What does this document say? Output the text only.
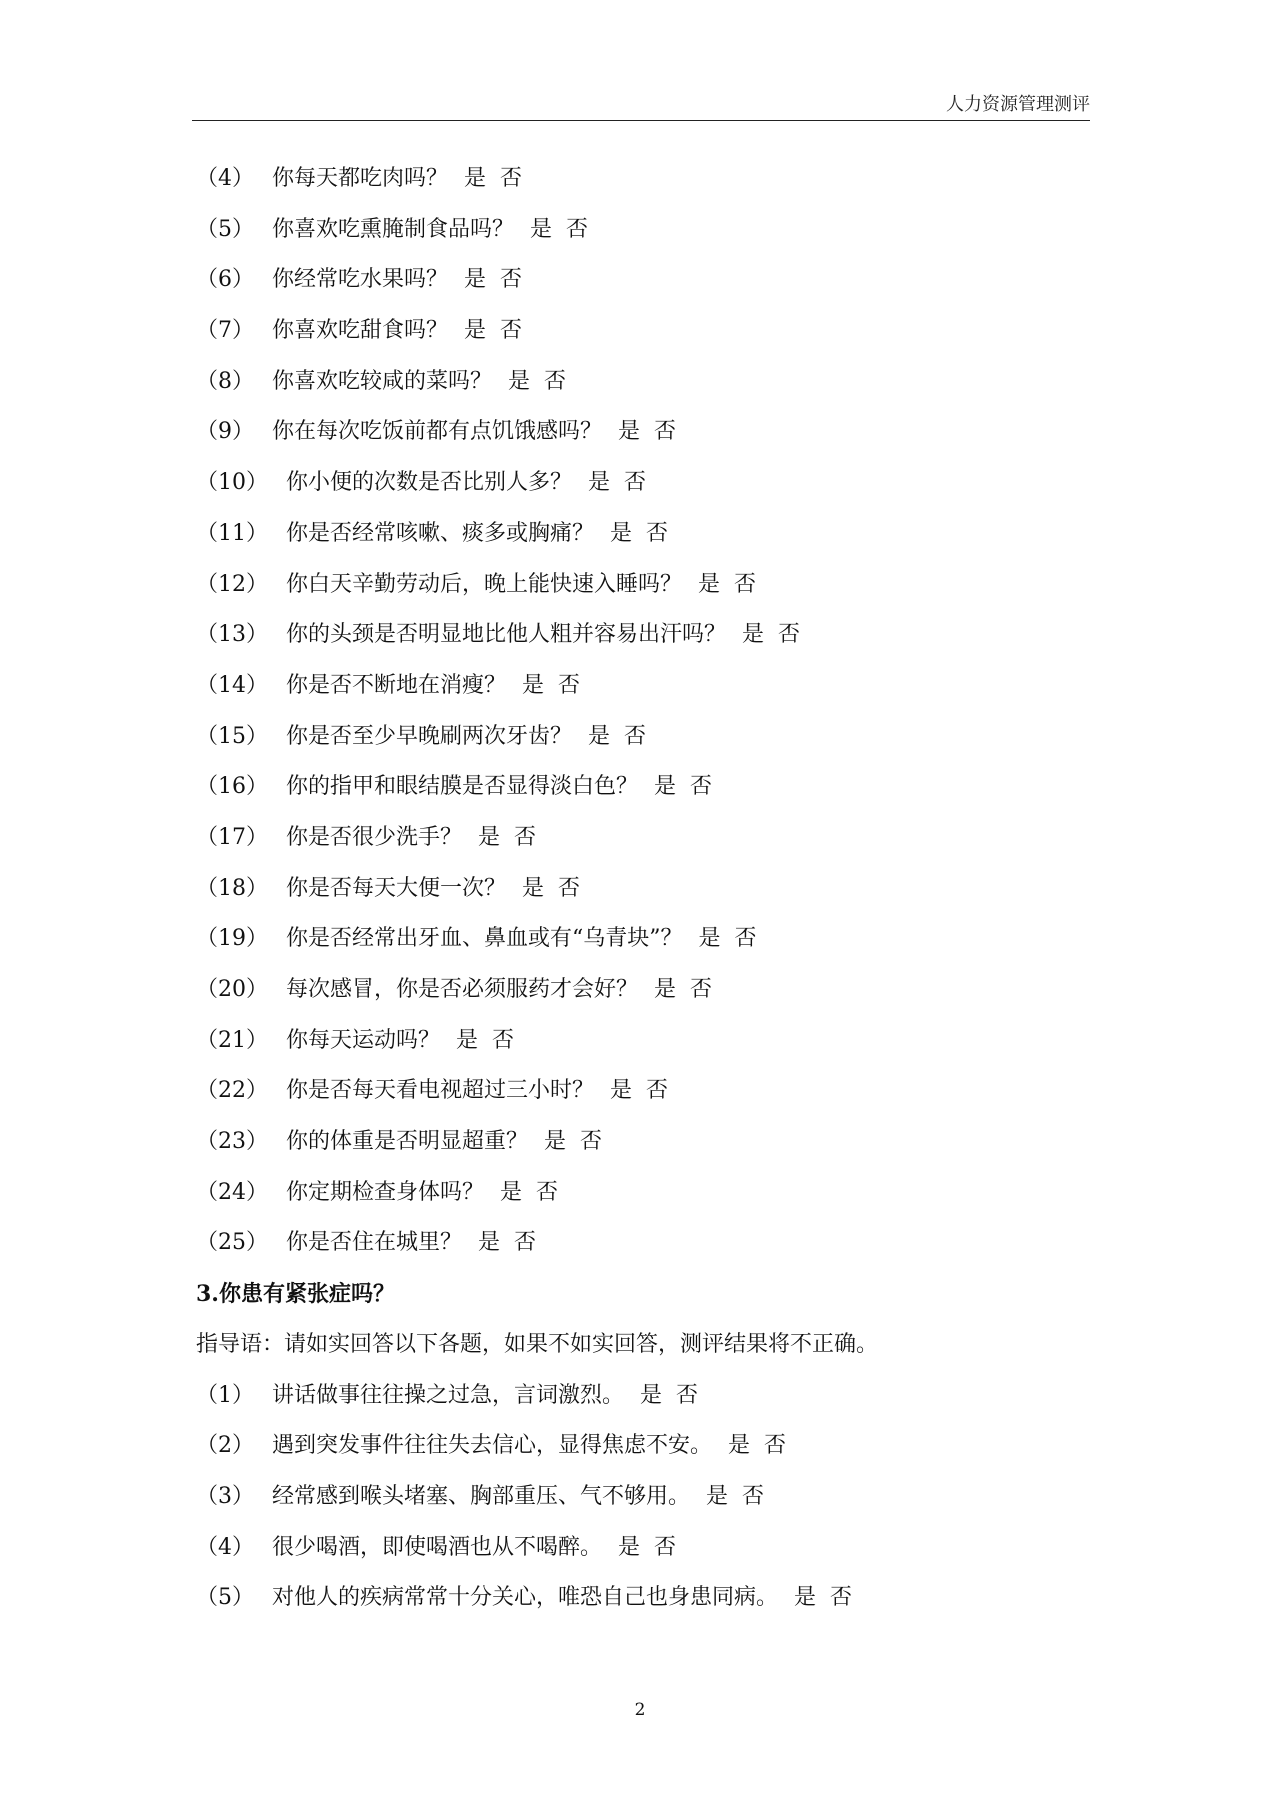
人力资源管理测评
（4） 你每天都吃肉吗？ 是 否
（5） 你喜欢吃熏腌制食品吗？ 是 否
（6） 你经常吃水果吗？ 是 否
（7） 你喜欢吃甜食吗？ 是 否
（8） 你喜欢吃较咸的菜吗？ 是 否
（9） 你在每次吃饭前都有点饥饿感吗？ 是 否
（10） 你小便的次数是否比别人多？ 是 否
（11） 你是否经常咳嗽、痰多或胸痛？ 是 否
（12） 你白天辛勤劳动后，晚上能快速入睡吗？ 是 否
（13） 你的头颈是否明显地比他人粗并容易出汗吗？ 是 否
（14） 你是否不断地在消瘦？ 是 否
（15） 你是否至少早晚刷两次牙齿？ 是 否
（16） 你的指甲和眼结膜是否显得淡白色？ 是 否
（17） 你是否很少洗手？ 是 否
（18） 你是否每天大便一次？ 是 否
（19） 你是否经常出牙血、鼻血或有“乌青块”？ 是 否
（20） 每次感冒，你是否必须服药才会好？ 是 否
（21） 你每天运动吗？ 是 否
（22） 你是否每天看电视超过三小时？ 是 否
（23） 你的体重是否明显超重？ 是 否
（24） 你定期检查身体吗？ 是 否
（25） 你是否住在城里？ 是 否
3.你患有紧张症吗？
指导语：请如实回答以下各题，如果不如实回答，测评结果将不正确。
（1） 讲话做事往往操之过急，言词激烈。 是 否
（2） 遇到突发事件往往失去信心，显得焦虑不安。 是 否
（3） 经常感到喉头堵塞、胸部重压、气不够用。 是 否
（4） 很少喝酒，即使喝酒也从不喝醉。 是 否
（5） 对他人的疾病常常十分关心，唯恐自己也身患同病。 是 否
2
